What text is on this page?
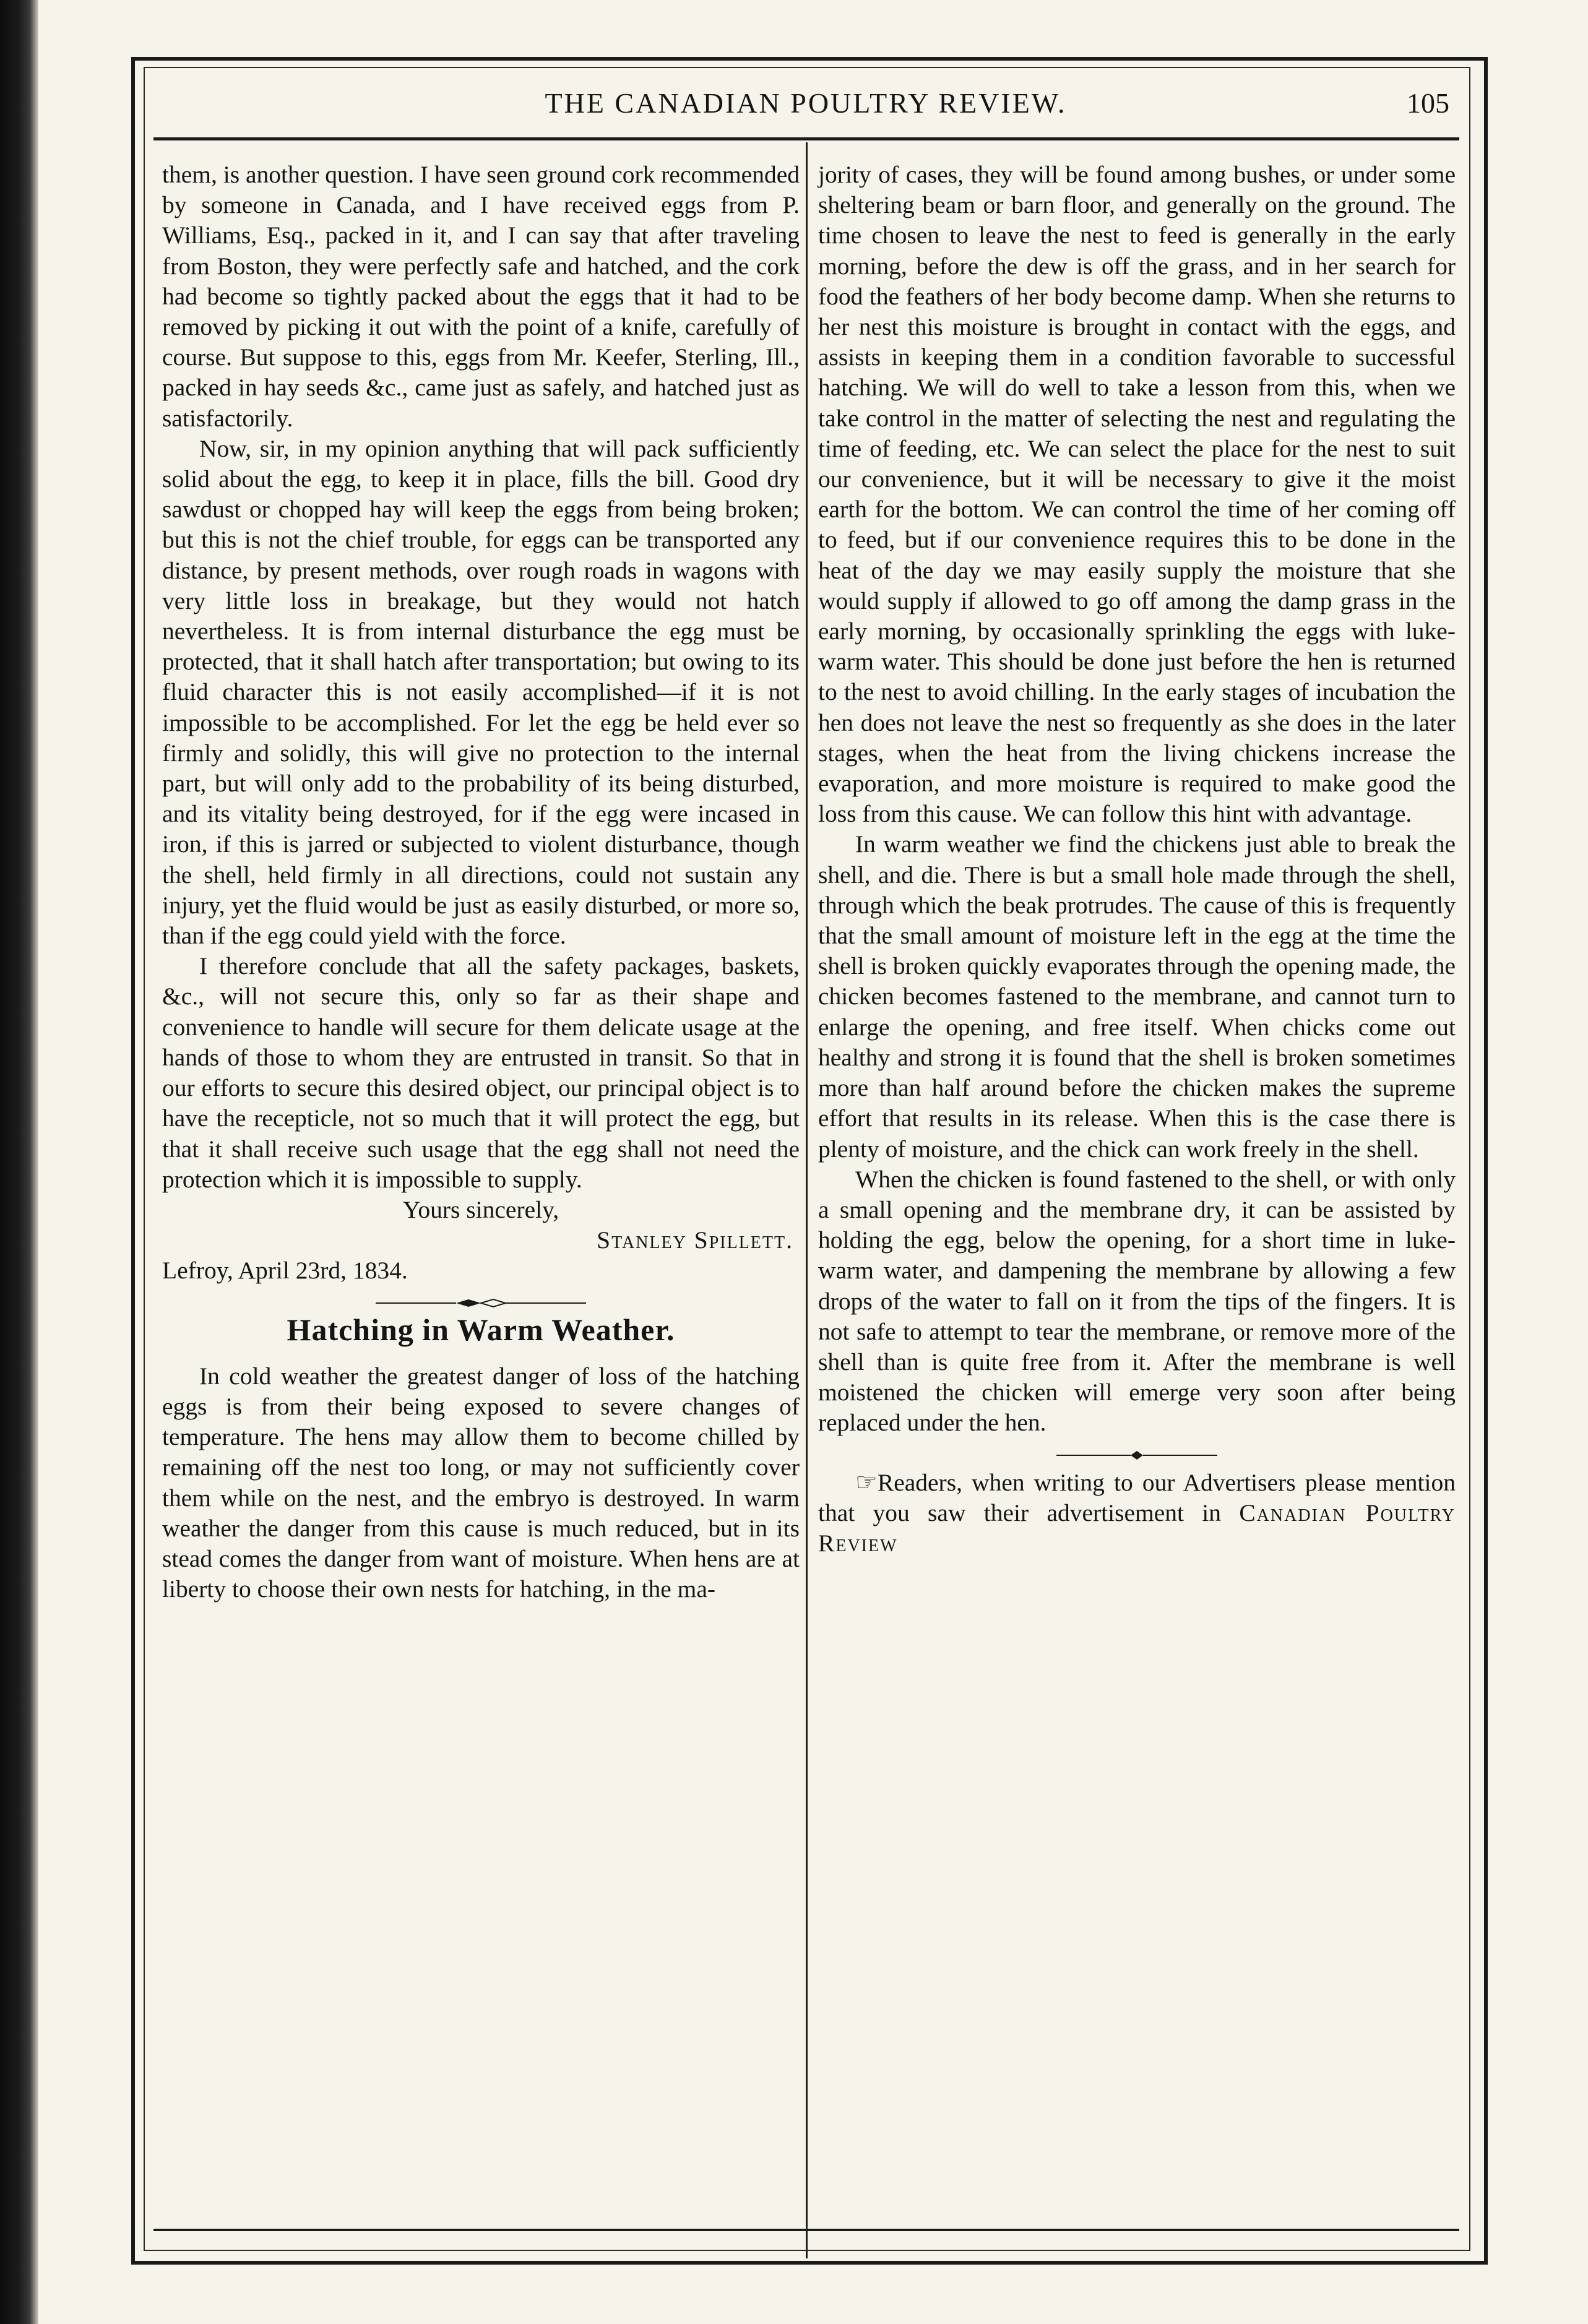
THE CANADIAN POULTRY REVIEW.	105

them, is another question. I have seen ground cork recommended by someone in Canada, and I have received eggs from P. Williams, Esq., packed in it, and I can say that after traveling from Boston, they were perfectly safe and hatched, and the cork had become so tightly packed about the eggs that it had to be removed by picking it out with the point of a knife, carefully of course. But suppose to this, eggs from Mr. Keefer, Sterling, Ill., packed in hay seeds &c., came just as safely, and hatched just as satisfactorily.

Now, sir, in my opinion anything that will pack sufficiently solid about the egg, to keep it in place, fills the bill. Good dry sawdust or chopped hay will keep the eggs from being broken; but this is not the chief trouble, for eggs can be transported any distance, by present methods, over rough roads in wagons with very little loss in breakage, but they would not hatch nevertheless. It is from internal disturbance the egg must be protected, that it shall hatch after transportation; but owing to its fluid character this is not easily accomplished—if it is not impossible to be accomplished. For let the egg be held ever so firmly and solidly, this will give no protection to the internal part, but will only add to the probability of its being disturbed, and its vitality being destroyed, for if the egg were incased in iron, if this is jarred or subjected to violent disturbance, though the shell, held firmly in all directions, could not sustain any injury, yet the fluid would be just as easily disturbed, or more so, than if the egg could yield with the force.

I therefore conclude that all the safety packages, baskets, &c., will not secure this, only so far as their shape and convenience to handle will secure for them delicate usage at the hands of those to whom they are entrusted in transit. So that in our efforts to secure this desired object, our principal object is to have the recepticle, not so much that it will protect the egg, but that it shall receive such usage that the egg shall not need the protection which it is impossible to supply.

Yours sincerely,

Stanley Spillett.

Lefroy, April 23rd, 1834.

Hatching in Warm Weather.

In cold weather the greatest danger of loss of the hatching eggs is from their being exposed to severe changes of temperature. The hens may allow them to become chilled by remaining off the nest too long, or may not sufficiently cover them while on the nest, and the embryo is destroyed. In warm weather the danger from this cause is much reduced, but in its stead comes the danger from want of moisture. When hens are at liberty to choose their own nests for hatching, in the ma-

jority of cases, they will be found among bushes, or under some sheltering beam or barn floor, and generally on the ground. The time chosen to leave the nest to feed is generally in the early morning, before the dew is off the grass, and in her search for food the feathers of her body become damp. When she returns to her nest this moisture is brought in contact with the eggs, and assists in keeping them in a condition favorable to successful hatching. We will do well to take a lesson from this, when we take control in the matter of selecting the nest and regulating the time of feeding, etc. We can select the place for the nest to suit our convenience, but it will be necessary to give it the moist earth for the bottom. We can control the time of her coming off to feed, but if our convenience requires this to be done in the heat of the day we may easily supply the moisture that she would supply if allowed to go off among the damp grass in the early morning, by occasionally sprinkling the eggs with luke-warm water. This should be done just before the hen is returned to the nest to avoid chilling. In the early stages of incubation the hen does not leave the nest so frequently as she does in the later stages, when the heat from the living chickens increase the evaporation, and more moisture is required to make good the loss from this cause. We can follow this hint with advantage.

In warm weather we find the chickens just able to break the shell, and die. There is but a small hole made through the shell, through which the beak protrudes. The cause of this is frequently that the small amount of moisture left in the egg at the time the shell is broken quickly evaporates through the opening made, the chicken becomes fastened to the membrane, and cannot turn to enlarge the opening, and free itself. When chicks come out healthy and strong it is found that the shell is broken sometimes more than half around before the chicken makes the supreme effort that results in its release. When this is the case there is plenty of moisture, and the chick can work freely in the shell.

When the chicken is found fastened to the shell, or with only a small opening and the membrane dry, it can be assisted by holding the egg, below the opening, for a short time in luke-warm water, and dampening the membrane by allowing a few drops of the water to fall on it from the tips of the fingers. It is not safe to attempt to tear the membrane, or remove more of the shell than is quite free from it. After the membrane is well moistened the chicken will emerge very soon after being replaced under the hen.

☞Readers, when writing to our Advertisers please mention that you saw their advertisement in Canadian Poultry Review
